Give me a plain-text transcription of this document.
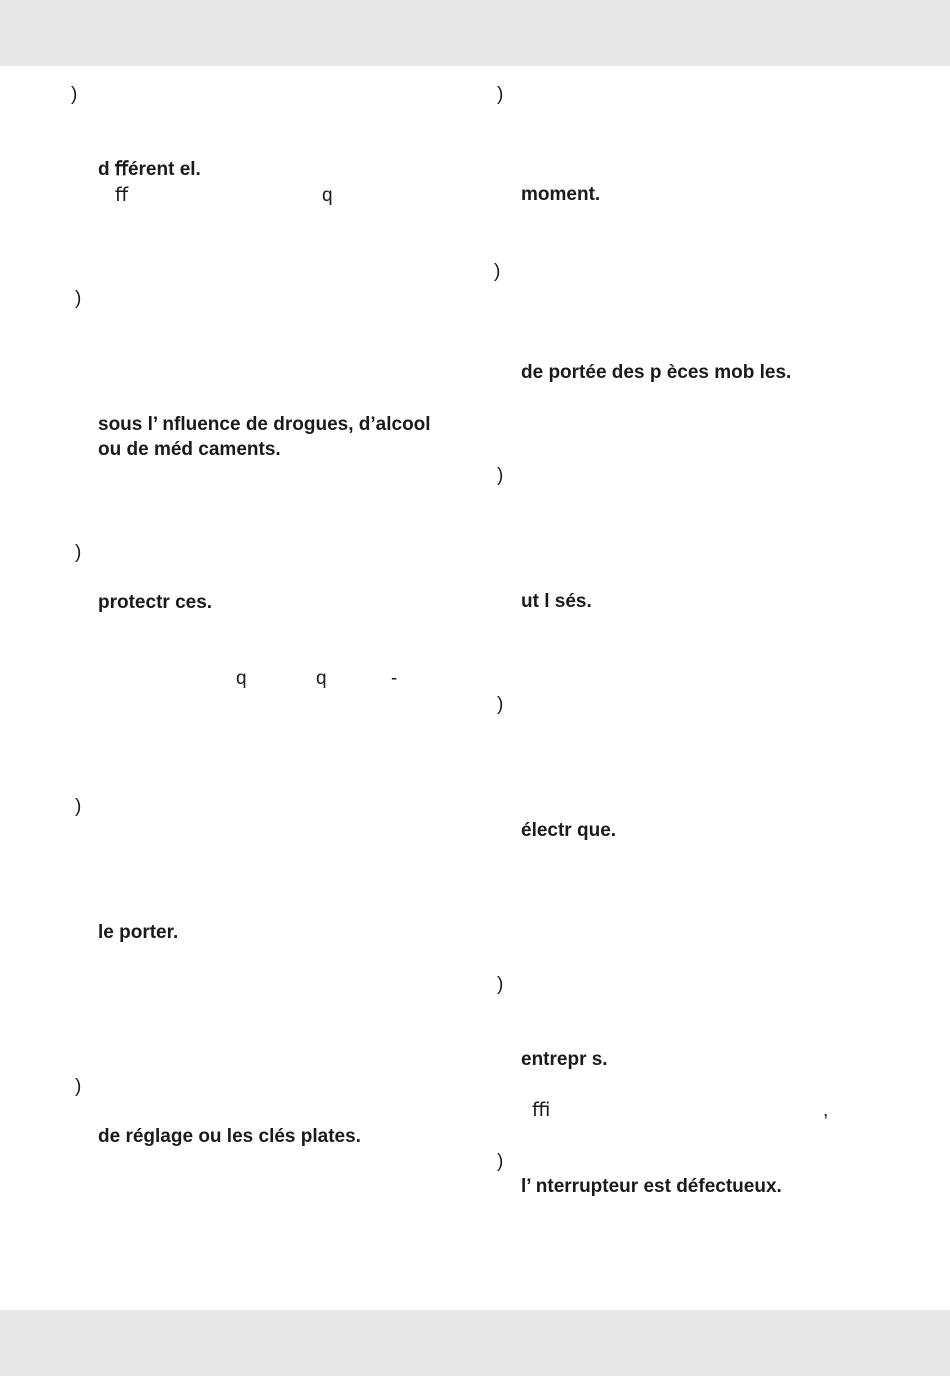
)
d ﬀérent el.
ﬀ	q
)
sous l’ nfluence de drogues, d’alcool
ou de méd caments.
)
protectr ces.
q	q	-
)
le porter.
)
de réglage ou les clés plates.
)
moment.
)
de portée des p èces mob les.
)
ut l sés.
)
électr que.
)
entrepr s.
ﬃ	,
)
l’ nterrupteur est défectueux.
